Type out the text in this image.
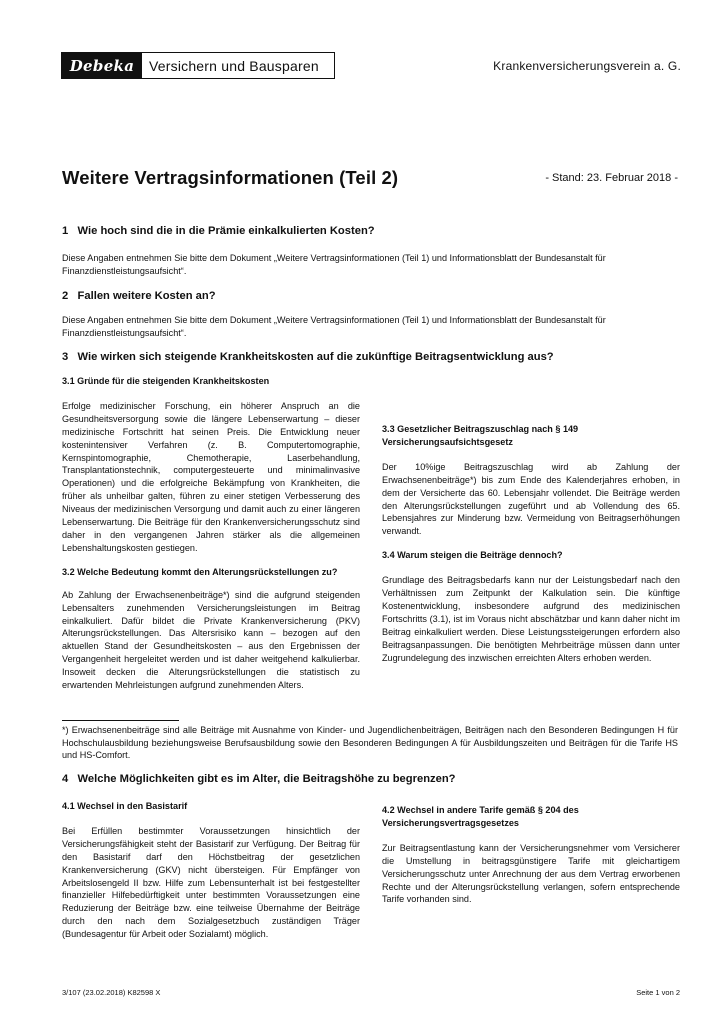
Debeka	Versichern und Bausparen	Krankenversicherungsverein a. G.
Weitere Vertragsinformationen (Teil 2)	- Stand: 23. Februar 2018 -
1   Wie hoch sind die in die Prämie einkalkulierten Kosten?
Diese Angaben entnehmen Sie bitte dem Dokument „Weitere Vertragsinformationen (Teil 1) und Informationsblatt der Bundesanstalt für Finanzdienstleistungsaufsicht“.
2   Fallen weitere Kosten an?
Diese Angaben entnehmen Sie bitte dem Dokument „Weitere Vertragsinformationen (Teil 1) und Informationsblatt der Bundesanstalt für Finanzdienstleistungsaufsicht“.
3   Wie wirken sich steigende Krankheitskosten auf die zukünftige Beitragsentwicklung aus?
3.1 Gründe für die steigenden Krankheitskosten
Erfolge medizinischer Forschung, ein höherer Anspruch an die Gesundheitsversorgung sowie die längere Lebenserwartung – dieser medizinische Fortschritt hat seinen Preis. Die Entwicklung neuer kostenintensiver Verfahren (z. B. Computertomographie, Kernspintomographie, Chemotherapie, Laserbehandlung, Transplantationstechnik, computergesteuerte und minimalinvasive Operationen) und die erfolgreiche Bekämpfung von Krankheiten, die früher als unheilbar galten, führen zu einer stetigen Verbesserung des Niveaus der medizinischen Versorgung und damit auch zu einer längeren Lebenserwartung. Die Beiträge für den Krankenversicherungsschutz sind daher in den vergangenen Jahren stärker als die allgemeinen Lebenshaltungskosten gestiegen.
3.2 Welche Bedeutung kommt den Alterungsrückstellungen zu?
Ab Zahlung der Erwachsenenbeiträge*) sind die aufgrund steigenden Lebensalters zunehmenden Versicherungsleistungen im Beitrag einkalkuliert. Dafür bildet die Private Krankenversicherung (PKV) Alterungsrückstellungen. Das Altersrisiko kann – bezogen auf den aktuellen Stand der Gesundheitskosten – aus den Ergebnissen der Vergangenheit hergeleitet werden und ist daher weitgehend kalkulierbar. Insoweit decken die Alterungsrückstellungen die statistisch zu erwartenden Mehrleistungen aufgrund zunehmenden Alters.
3.3 Gesetzlicher Beitragszuschlag nach § 149 Versicherungsaufsichtsgesetz
Der 10%ige Beitragszuschlag wird ab Zahlung der Erwachsenenbeiträge*) bis zum Ende des Kalenderjahres erhoben, in dem der Versicherte das 60. Lebensjahr vollendet. Die Beiträge werden den Alterungsrückstellungen zugeführt und ab Vollendung des 65. Lebensjahres zur Minderung bzw. Vermeidung von Beitragserhöhungen verwandt.
3.4 Warum steigen die Beiträge dennoch?
Grundlage des Beitragsbedarfs kann nur der Leistungsbedarf nach den Verhältnissen zum Zeitpunkt der Kalkulation sein. Die künftige Kostenentwicklung, insbesondere aufgrund des medizinischen Fortschritts (3.1), ist im Voraus nicht abschätzbar und kann daher nicht im Beitrag einkalkuliert werden. Diese Leistungssteigerungen erfordern also Beitragsanpassungen. Die benötigten Mehrbeiträge müssen dann unter Zugrundelegung des inzwischen erreichten Alters erhoben werden.
*) Erwachsenenbeiträge sind alle Beiträge mit Ausnahme von Kinder- und Jugendlichenbeiträgen, Beiträgen nach den Besonderen Bedingungen H für Hochschulausbildung beziehungsweise Berufsausbildung sowie den Besonderen Bedingungen A für Ausbildungszeiten und Beiträgen für die Tarife HS und HS-Comfort.
4   Welche Möglichkeiten gibt es im Alter, die Beitragshöhe zu begrenzen?
4.1 Wechsel in den Basistarif
Bei Erfüllen bestimmter Voraussetzungen hinsichtlich der Versicherungsfähigkeit steht der Basistarif zur Verfügung. Der Beitrag für den Basistarif darf den Höchstbeitrag der gesetzlichen Krankenversicherung (GKV) nicht übersteigen. Für Empfänger von Arbeitslosengeld II bzw. Hilfe zum Lebensunterhalt ist bei festgestellter finanzieller Hilfebedürftigkeit unter bestimmten Voraussetzungen eine Reduzierung der Beiträge bzw. eine teilweise Übernahme der Beiträge durch den nach dem Sozialgesetzbuch zuständigen Träger (Bundesagentur für Arbeit oder Sozialamt) möglich.
4.2 Wechsel in andere Tarife gemäß § 204 des Versicherungsvertragsgesetzes
Zur Beitragsentlastung kann der Versicherungsnehmer vom Versicherer die Umstellung in beitragsgünstigere Tarife mit gleichartigem Versicherungsschutz unter Anrechnung der aus dem Vertrag erworbenen Rechte und der Alterungsrückstellung verlangen, sofern entsprechende Tarife vorhanden sind.
3/107 (23.02.2018) K82598 X	Seite 1 von 2
